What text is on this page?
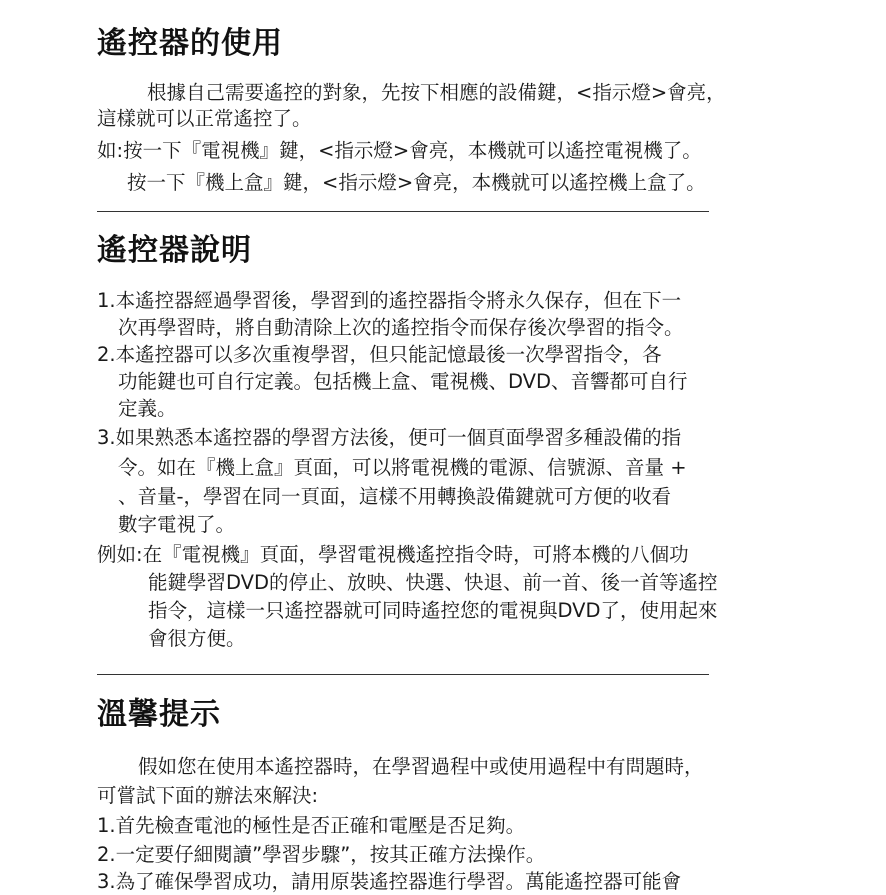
遙控器的使用

根據自己需要遙控的對象，先按下相應的設備鍵，<指示燈>會亮，

這樣就可以正常遙控了。

如:按一下『電視機』鍵，<指示燈>會亮，本機就可以遙控電視機了。

按一下『機上盒』鍵，<指示燈>會亮，本機就可以遙控機上盒了。

遙控器說明

1.本遙控器經過學習後，學習到的遙控器指令將永久保存，但在下一

次再學習時，將自動清除上次的遙控指令而保存後次學習的指令。

2.本遙控器可以多次重複學習，但只能記憶最後一次學習指令，各

功能鍵也可自行定義。包括機上盒、電視機、DVD、音響都可自行

定義。

3.如果熟悉本遙控器的學習方法後，便可一個頁面學習多種設備的指

令。如在『機上盒』頁面，可以將電視機的電源、信號源、音量 +

、音量-，學習在同一頁面，這樣不用轉換設備鍵就可方便的收看

數字電視了。

例如:在『電視機』頁面，學習電視機遙控指令時，可將本機的八個功

能鍵學習DVD的停止、放映、快選、快退、前一首、後一首等遙控

指令，這樣一只遙控器就可同時遙控您的電視與DVD了，使用起來

會很方便。

溫馨提示

假如您在使用本遙控器時，在學習過程中或使用過程中有問題時，

可嘗試下面的辦法來解決:

1.首先檢查電池的極性是否正確和電壓是否足夠。

2.一定要仔細閱讀”學習步驟”，按其正確方法操作。

3.為了確保學習成功，請用原裝遙控器進行學習。萬能遙控器可能會
